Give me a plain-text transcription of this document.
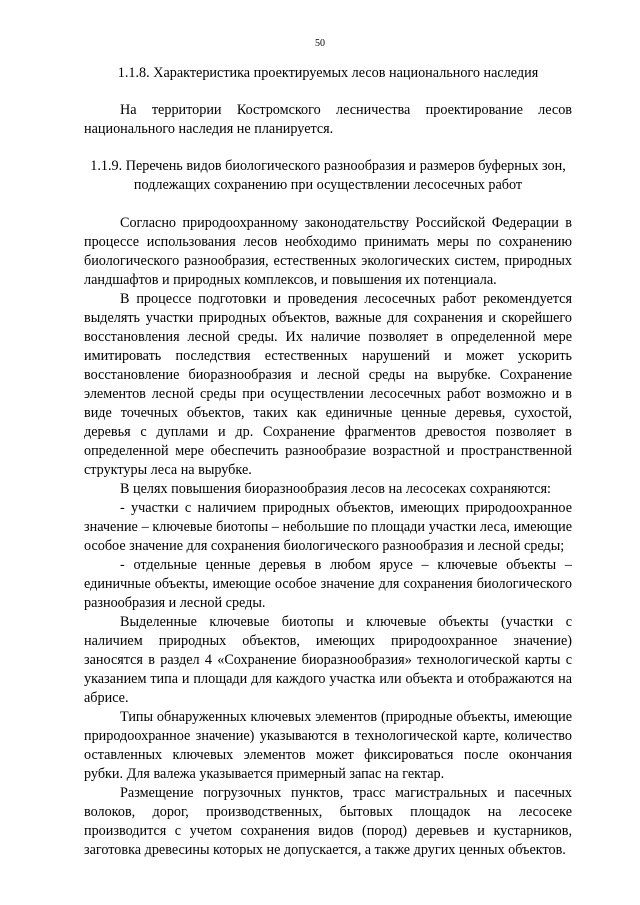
50

1.1.8. Характеристика проектируемых лесов национального наследия

На территории Костромского лесничества проектирование лесов национального наследия не планируется.

1.1.9. Перечень видов биологического разнообразия и размеров буферных зон, подлежащих сохранению при осуществлении лесосечных работ

Согласно природоохранному законодательству Российской Федерации в процессе использования лесов необходимо принимать меры по сохранению биологического разнообразия, естественных экологических систем, природных ландшафтов и природных комплексов, и повышения их потенциала.

В процессе подготовки и проведения лесосечных работ рекомендуется выделять участки природных объектов, важные для сохранения и скорейшего восстановления лесной среды. Их наличие позволяет в определенной мере имитировать последствия естественных нарушений и может ускорить восстановление биоразнообразия и лесной среды на вырубке. Сохранение элементов лесной среды при осуществлении лесосечных работ возможно и в виде точечных объектов, таких как единичные ценные деревья, сухостой, деревья с дуплами и др. Сохранение фрагментов древостоя позволяет в определенной мере обеспечить разнообразие возрастной и пространственной структуры леса на вырубке.

В целях повышения биоразнообразия лесов на лесосеках сохраняются:

- участки с наличием природных объектов, имеющих природоохранное значение – ключевые биотопы – небольшие по площади участки леса, имеющие особое значение для сохранения биологического разнообразия и лесной среды;

- отдельные ценные деревья в любом ярусе – ключевые объекты – единичные объекты, имеющие особое значение для сохранения биологического разнообразия и лесной среды.

Выделенные ключевые биотопы и ключевые объекты (участки с наличием природных объектов, имеющих природоохранное значение) заносятся в раздел 4 «Сохранение биоразнообразия» технологической карты с указанием типа и площади для каждого участка или объекта и отображаются на абрисе.

Типы обнаруженных ключевых элементов (природные объекты, имеющие природоохранное значение) указываются в технологической карте, количество оставленных ключевых элементов может фиксироваться после окончания рубки. Для валежа указывается примерный запас на гектар.

Размещение погрузочных пунктов, трасс магистральных и пасечных волоков, дорог, производственных, бытовых площадок на лесосеке производится с учетом сохранения видов (пород) деревьев и кустарников, заготовка древесины которых не допускается, а также других ценных объектов.
